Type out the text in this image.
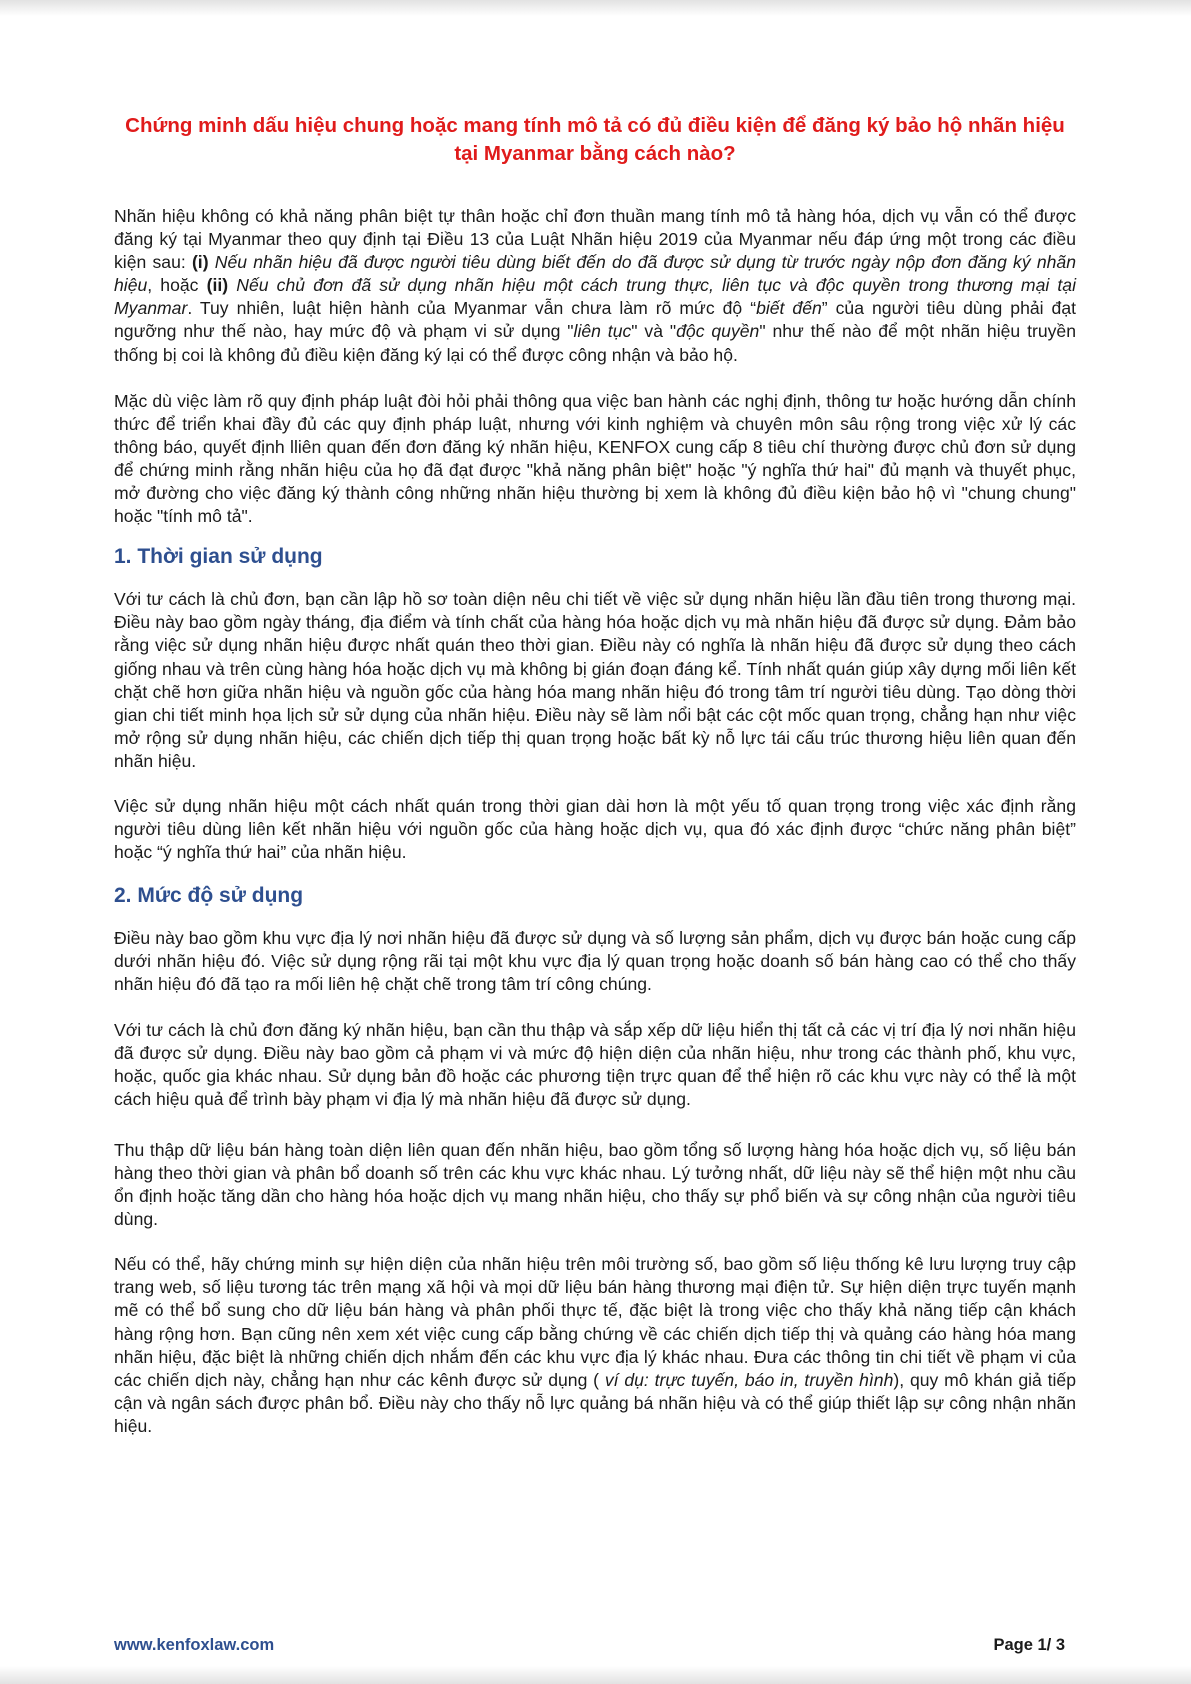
Chứng minh dấu hiệu chung hoặc mang tính mô tả có đủ điều kiện để đăng ký bảo hộ nhãn hiệu tại Myanmar bằng cách nào?

Nhãn hiệu không có khả năng phân biệt tự thân hoặc chỉ đơn thuần mang tính mô tả hàng hóa, dịch vụ vẫn có thể được đăng ký tại Myanmar theo quy định tại Điều 13 của Luật Nhãn hiệu 2019 của Myanmar nếu đáp ứng một trong các điều kiện sau: (i) Nếu nhãn hiệu đã được người tiêu dùng biết đến do đã được sử dụng từ trước ngày nộp đơn đăng ký nhãn hiệu, hoặc (ii) Nếu chủ đơn đã sử dụng nhãn hiệu một cách trung thực, liên tục và độc quyền trong thương mại tại Myanmar. Tuy nhiên, luật hiện hành của Myanmar vẫn chưa làm rõ mức độ “biết đến” của người tiêu dùng phải đạt ngưỡng như thế nào, hay mức độ và phạm vi sử dụng "liên tục" và "độc quyền" như thế nào để một nhãn hiệu truyền thống bị coi là không đủ điều kiện đăng ký lại có thể được công nhận và bảo hộ.

Mặc dù việc làm rõ quy định pháp luật đòi hỏi phải thông qua việc ban hành các nghị định, thông tư hoặc hướng dẫn chính thức để triển khai đầy đủ các quy định pháp luật, nhưng với kinh nghiệm và chuyên môn sâu rộng trong việc xử lý các thông báo, quyết định lliên quan đến đơn đăng ký nhãn hiệu, KENFOX cung cấp 8 tiêu chí thường được chủ đơn sử dụng để chứng minh rằng nhãn hiệu của họ đã đạt được "khả năng phân biệt" hoặc "ý nghĩa thứ hai" đủ mạnh và thuyết phục, mở đường cho việc đăng ký thành công những nhãn hiệu thường bị xem là không đủ điều kiện bảo hộ vì "chung chung" hoặc "tính mô tả".

1. Thời gian sử dụng

Với tư cách là chủ đơn, bạn cần lập hồ sơ toàn diện nêu chi tiết về việc sử dụng nhãn hiệu lần đầu tiên trong thương mại. Điều này bao gồm ngày tháng, địa điểm và tính chất của hàng hóa hoặc dịch vụ mà nhãn hiệu đã được sử dụng. Đảm bảo rằng việc sử dụng nhãn hiệu được nhất quán theo thời gian. Điều này có nghĩa là nhãn hiệu đã được sử dụng theo cách giống nhau và trên cùng hàng hóa hoặc dịch vụ mà không bị gián đoạn đáng kể. Tính nhất quán giúp xây dựng mối liên kết chặt chẽ hơn giữa nhãn hiệu và nguồn gốc của hàng hóa mang nhãn hiệu đó trong tâm trí người tiêu dùng. Tạo dòng thời gian chi tiết minh họa lịch sử sử dụng của nhãn hiệu. Điều này sẽ làm nổi bật các cột mốc quan trọng, chẳng hạn như việc mở rộng sử dụng nhãn hiệu, các chiến dịch tiếp thị quan trọng hoặc bất kỳ nỗ lực tái cấu trúc thương hiệu liên quan đến nhãn hiệu.

Việc sử dụng nhãn hiệu một cách nhất quán trong thời gian dài hơn là một yếu tố quan trọng trong việc xác định rằng người tiêu dùng liên kết nhãn hiệu với nguồn gốc của hàng hoặc dịch vụ, qua đó xác định được “chức năng phân biệt” hoặc “ý nghĩa thứ hai” của nhãn hiệu.

2. Mức độ sử dụng

Điều này bao gồm khu vực địa lý nơi nhãn hiệu đã được sử dụng và số lượng sản phẩm, dịch vụ được bán hoặc cung cấp dưới nhãn hiệu đó. Việc sử dụng rộng rãi tại một khu vực địa lý quan trọng hoặc doanh số bán hàng cao có thể cho thấy nhãn hiệu đó đã tạo ra mối liên hệ chặt chẽ trong tâm trí công chúng.

Với tư cách là chủ đơn đăng ký nhãn hiệu, bạn cần thu thập và sắp xếp dữ liệu hiển thị tất cả các vị trí địa lý nơi nhãn hiệu đã được sử dụng. Điều này bao gồm cả phạm vi và mức độ hiện diện của nhãn hiệu, như trong các thành phố, khu vực, hoặc, quốc gia khác nhau. Sử dụng bản đồ hoặc các phương tiện trực quan để thể hiện rõ các khu vực này có thể là một cách hiệu quả để trình bày phạm vi địa lý mà nhãn hiệu đã được sử dụng.

Thu thập dữ liệu bán hàng toàn diện liên quan đến nhãn hiệu, bao gồm tổng số lượng hàng hóa hoặc dịch vụ, số liệu bán hàng theo thời gian và phân bổ doanh số trên các khu vực khác nhau. Lý tưởng nhất, dữ liệu này sẽ thể hiện một nhu cầu ổn định hoặc tăng dần cho hàng hóa hoặc dịch vụ mang nhãn hiệu, cho thấy sự phổ biến và sự công nhận của người tiêu dùng.

Nếu có thể, hãy chứng minh sự hiện diện của nhãn hiệu trên môi trường số, bao gồm số liệu thống kê lưu lượng truy cập trang web, số liệu tương tác trên mạng xã hội và mọi dữ liệu bán hàng thương mại điện tử. Sự hiện diện trực tuyến mạnh mẽ có thể bổ sung cho dữ liệu bán hàng và phân phối thực tế, đặc biệt là trong việc cho thấy khả năng tiếp cận khách hàng rộng hơn. Bạn cũng nên xem xét việc cung cấp bằng chứng về các chiến dịch tiếp thị và quảng cáo hàng hóa mang nhãn hiệu, đặc biệt là những chiến dịch nhắm đến các khu vực địa lý khác nhau. Đưa các thông tin chi tiết về phạm vi của các chiến dịch này, chẳng hạn như các kênh được sử dụng ( ví dụ: trực tuyến, báo in, truyền hình), quy mô khán giả tiếp cận và ngân sách được phân bổ. Điều này cho thấy nỗ lực quảng bá nhãn hiệu và có thể giúp thiết lập sự công nhận nhãn hiệu.

www.kenfoxlaw.com	Page 1/ 3
